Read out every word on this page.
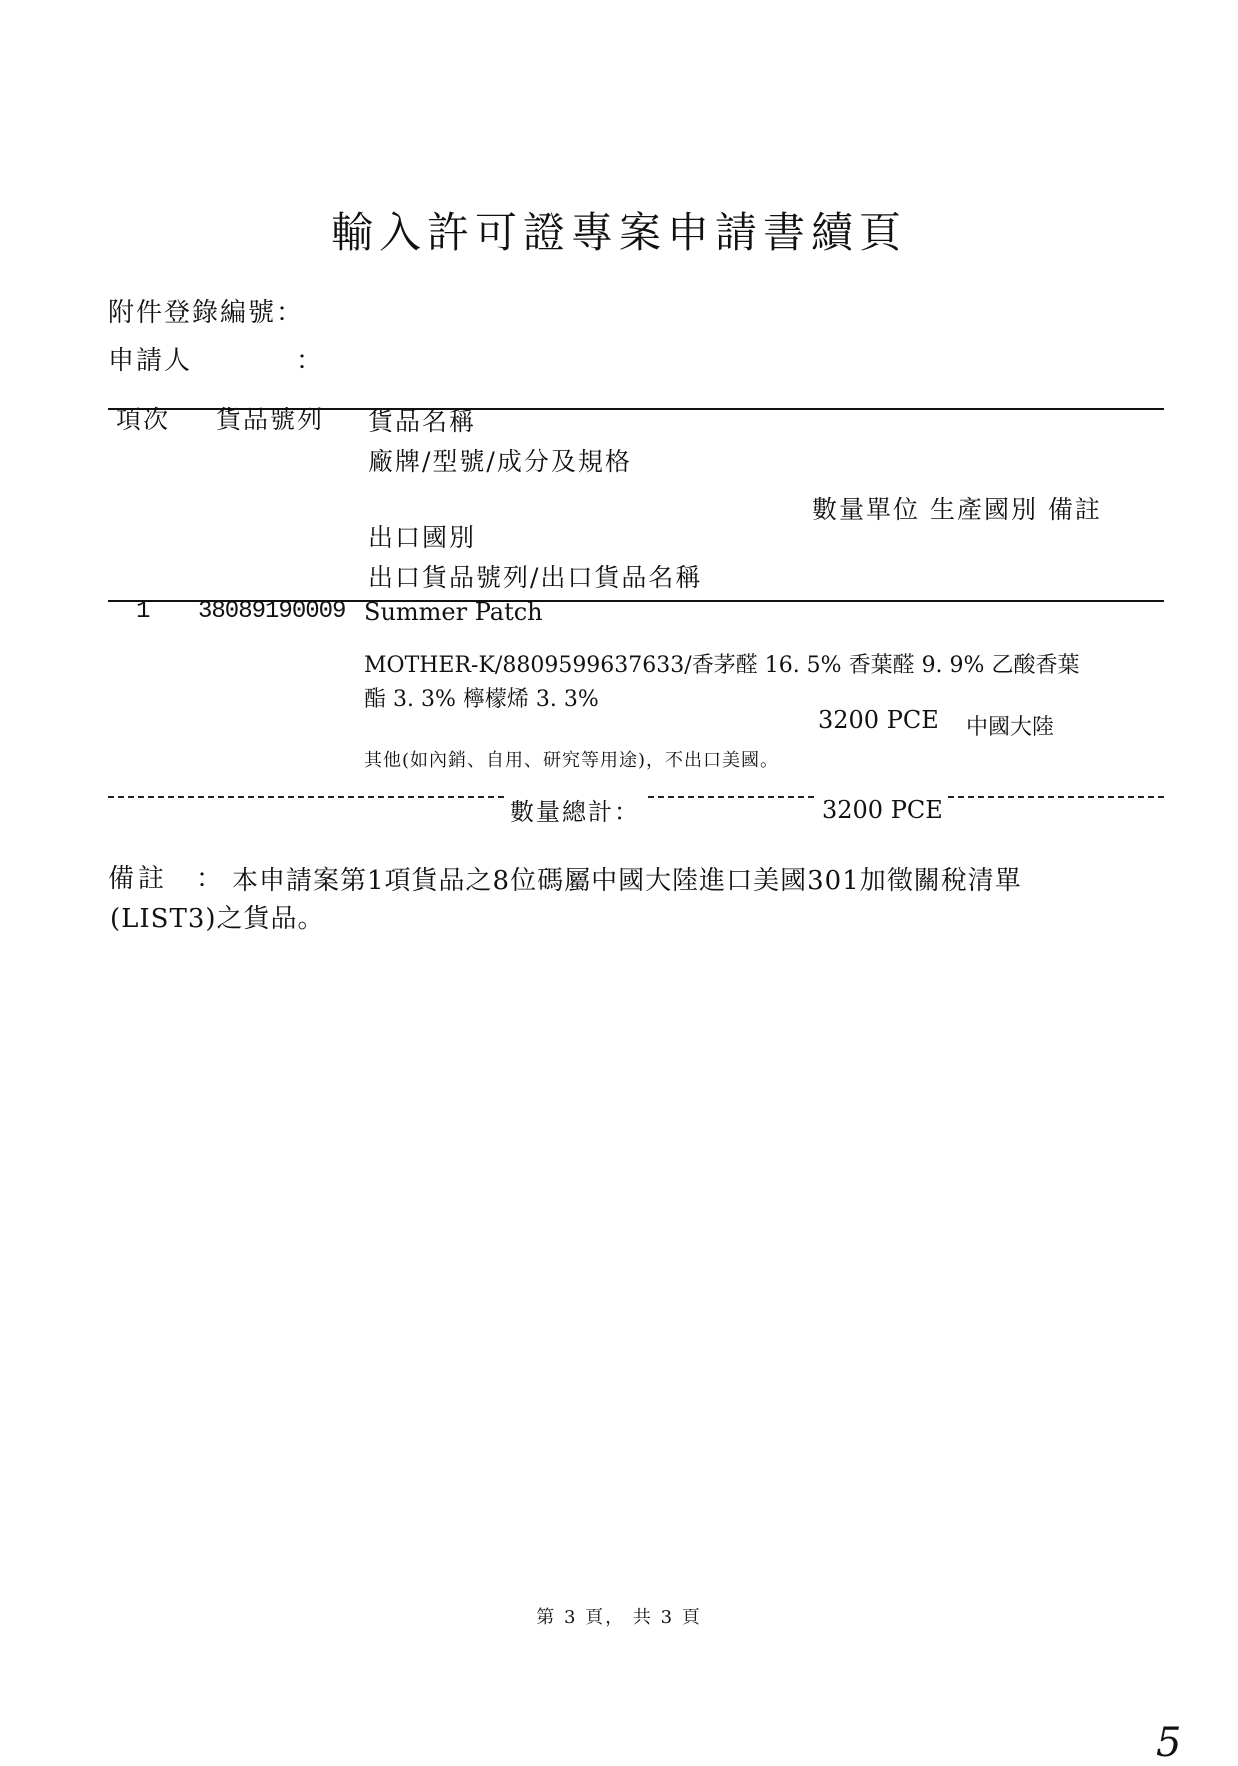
輸入許可證專案申請書續頁
附件登錄編號：
申請人	：
項次 貨品號列 貨品名稱
廠牌/型號/成分及規格
數量單位 生產國別 備註
出口國別
出口貨品號列/出口貨品名稱
1 38089190009 Summer Patch
MOTHER-K/8809599637633/香茅醛 16. 5% 香葉醛 9. 9% 乙酸香葉
酯 3. 3% 檸檬烯 3. 3%
3200 PCE 中國大陸
其他(如內銷、自用、研究等用途)，不出口美國。
數量總計：	3200 PCE
備註 ： 本申請案第1項貨品之8位碼屬中國大陸進口美國301加徵關稅清單
(LIST3)之貨品。
第 3 頁， 共 3 頁
5
